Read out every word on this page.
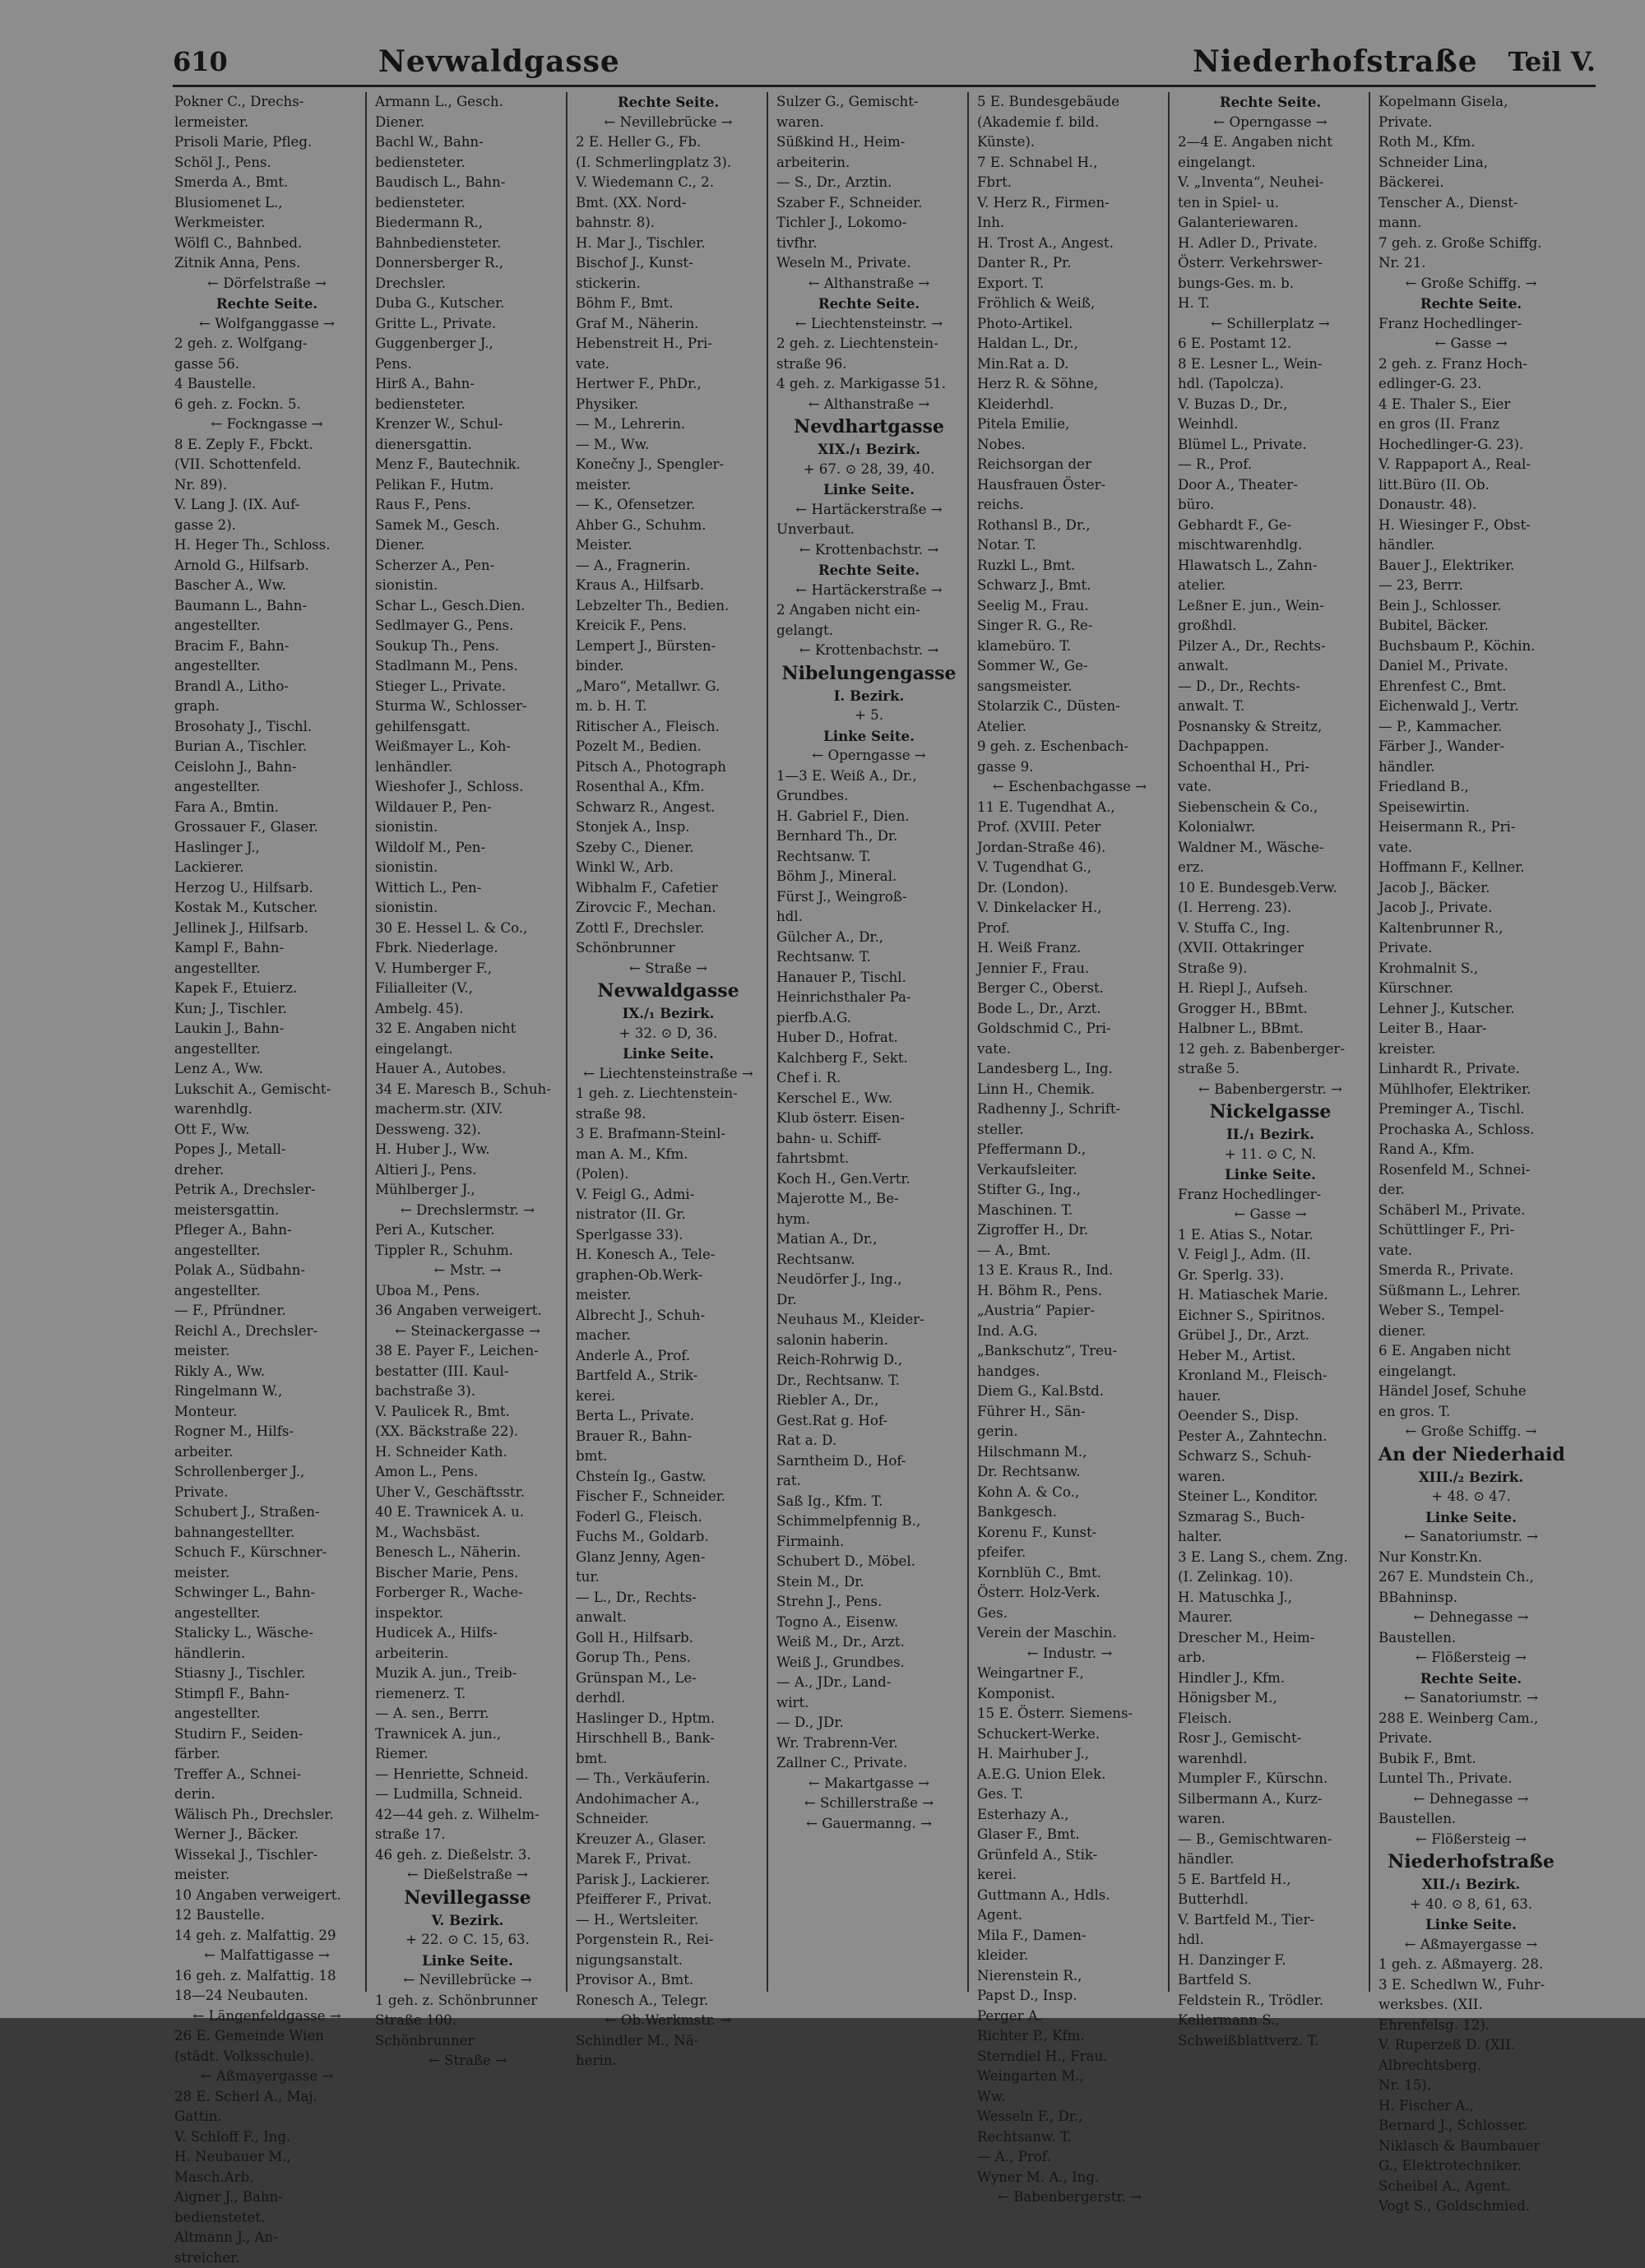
610	Nevwaldgasse	Niederhofstraße Teil V.
Pokner C., Drechs-
lermeister.
Prisoli Marie, Pfleg.
Schöl J., Pens.
Smerda A., Bmt.
Blusiomenet L.,
Werkmeister.
Wölfl C., Bahnbed.
Zitnik Anna, Pens.
← Dörfelstraße →
Rechte Seite.
← Wolfganggasse →
2 geh. z. Wolfgang-
gasse 56.
4 Baustelle.
6 geh. z. Fockn. 5.
← Fockngasse →
8 E. Zeply F., Fbckt.
(VII. Schottenfeld.
Nr. 89).
V. Lang J. (IX. Auf-
gasse 2).
H. Heger Th., Schloss.
Arnold G., Hilfsarb.
Bascher A., Ww.
Baumann L., Bahn-
angestellter.
Bracim F., Bahn-
angestellter.
Brandl A., Litho-
graph.
Brosohaty J., Tischl.
Burian A., Tischler.
Ceislohn J., Bahn-
angestellter.
Fara A., Bmtin.
Grossauer F., Glaser.
Haslinger J.,
Lackierer.
Herzog U., Hilfsarb.
Kostak M., Kutscher.
Jellinek J., Hilfsarb.
Kampl F., Bahn-
angestellter.
Kapek F., Etuierz.
Kun; J., Tischler.
Laukin J., Bahn-
angestellter.
Lenz A., Ww.
Lukschit A., Gemischt-
warenhdlg.
Ott F., Ww.
Popes J., Metall-
dreher.
Petrik A., Drechsler-
meistersgattin.
Pfleger A., Bahn-
angestellter.
Polak A., Südbahn-
angestellter.
— F., Pfründner.
Reichl A., Drechsler-
meister.
Rikly A., Ww.
Ringelmann W.,
Monteur.
Rogner M., Hilfs-
arbeiter.
Schrollenberger J.,
Private.
Schubert J., Straßen-
bahnangestellter.
Schuch F., Kürschner-
meister.
Schwinger L., Bahn-
angestellter.
Stalicky L., Wäsche-
händlerin.
Stiasny J., Tischler.
Stimpfl F., Bahn-
angestellter.
Studirn F., Seiden-
färber.
Treffer A., Schnei-
derin.
Wälisch Ph., Drechsler.
Werner J., Bäcker.
Wissekal J., Tischler-
meister.
10 Angaben verweigert.
12 Baustelle.
14 geh. z. Malfattig. 29
← Malfattigasse →
16 geh. z. Malfattig. 18
18—24 Neubauten.
← Längenfeldgasse →
26 E. Gemeinde Wien
(städt. Volksschule).
← Aßmayergasse →
28 E. Scherl A., Maj.
Gattin.
V. Schloff F., Ing.
H. Neubauer M.,
Masch.Arb.
Aigner J., Bahn-
bedienstetet.
Altmann J., An-
streicher.
Armann L., Gesch.
Diener.
Bachl W., Bahn-
bediensteter.
Baudisch L., Bahn-
bediensteter.
Biedermann R.,
Bahnbediensteter.
Donnersberger R.,
Drechsler.
Duba G., Kutscher.
Gritte L., Private.
Guggenberger J.,
Pens.
Hirß A., Bahn-
bediensteter.
Krenzer W., Schul-
dienersgattin.
Menz F., Bautechnik.
Pelikan F., Hutm.
Raus F., Pens.
Samek M., Gesch.
Diener.
Scherzer A., Pen-
sionistin.
Schar L., Gesch.Dien.
Sedlmayer G., Pens.
Soukup Th., Pens.
Stadlmann M., Pens.
Stieger L., Private.
Sturma W., Schlosser-
gehilfensgatt.
Weißmayer L., Koh-
lenhändler.
Wieshofer J., Schloss.
Wildauer P., Pen-
sionistin.
Wildolf M., Pen-
sionistin.
Wittich L., Pen-
sionistin.
30 E. Hessel L. & Co.,
Fbrk. Niederlage.
V. Humberger F.,
Filialleiter (V.,
Ambelg. 45).
32 E. Angaben nicht
eingelangt.
Hauer A., Autobes.
34 E. Maresch B., Schuh-
macherm.str. (XIV.
Dessweng. 32).
H. Huber J., Ww.
Altieri J., Pens.
Mühlberger J.,
← Drechslermstr. →
Peri A., Kutscher.
Tippler R., Schuhm.
← Mstr. →
Uboa M., Pens.
36 Angaben verweigert.
← Steinackergasse →
38 E. Payer F., Leichen-
bestatter (III. Kaul-
bachstraße 3).
V. Paulicek R., Bmt.
(XX. Bäckstraße 22).
H. Schneider Kath.
Amon L., Pens.
Uher V., Geschäftsstr.
40 E. Trawnicek A. u.
M., Wachsbäst.
Benesch L., Näherin.
Bischer Marie, Pens.
Forberger R., Wache-
inspektor.
Hudicek A., Hilfs-
arbeiterin.
Muzik A. jun., Treib-
riemenerz. T.
— A. sen., Berrr.
Trawnicek A. jun.,
Riemer.
— Henriette, Schneid.
— Ludmilla, Schneid.
42—44 geh. z. Wilhelm-
straße 17.
46 geh. z. Dießelstr. 3.
← Dießelstraße →
Nevillegasse
V. Bezirk.
+ 22. ⊙ C. 15, 63.
Linke Seite.
← Nevillebrücke →
1 geh. z. Schönbrunner
Straße 100.
Schönbrunner
← Straße →
Rechte Seite.
← Nevillebrücke →
2 E. Heller G., Fb.
(I. Schmerlingplatz 3).
V. Wiedemann C., 2.
Bmt. (XX. Nord-
bahnstr. 8).
H. Mar J., Tischler.
Bischof J., Kunst-
stickerin.
Böhm F., Bmt.
Graf M., Näherin.
Hebenstreit H., Pri-
vate.
Hertwer F., PhDr.,
Physiker.
— M., Lehrerin.
— M., Ww.
Konečny J., Spengler-
meister.
— K., Ofensetzer.
Ahber G., Schuhm.
Meister.
— A., Fragnerin.
Kraus A., Hilfsarb.
Lebzelter Th., Bedien.
Kreicik F., Pens.
Lempert J., Bürsten-
binder.
„Maro“, Metallwr. G.
m. b. H. T.
Ritischer A., Fleisch.
Pozelt M., Bedien.
Pitsch A., Photograph
Rosenthal A., Kfm.
Schwarz R., Angest.
Stonjek A., Insp.
Szeby C., Diener.
Winkl W., Arb.
Wibhalm F., Cafetier
Zirovcic F., Mechan.
Zottl F., Drechsler.
Schönbrunner
← Straße →
Nevwaldgasse
IX./₁ Bezirk.
+ 32. ⊙ D, 36.
Linke Seite.
← Liechtensteinstraße →
1 geh. z. Liechtenstein-
straße 98.
3 E. Brafmann-Steinl-
man A. M., Kfm.
(Polen).
V. Feigl G., Admi-
nistrator (II. Gr.
Sperlgasse 33).
H. Konesch A., Tele-
graphen-Ob.Werk-
meister.
Albrecht J., Schuh-
macher.
Anderle A., Prof.
Bartfeld A., Strik-
kerei.
Berta L., Private.
Brauer R., Bahn-
bmt.
Chsteín Ig., Gastw.
Fischer F., Schneider.
Foderl G., Fleisch.
Fuchs M., Goldarb.
Glanz Jenny, Agen-
tur.
— L., Dr., Rechts-
anwalt.
Goll H., Hilfsarb.
Gorup Th., Pens.
Grünspan M., Le-
derhdl.
Haslinger D., Hptm.
Hirschhell B., Bank-
bmt.
— Th., Verkäuferin.
Andohimacher A.,
Schneider.
Kreuzer A., Glaser.
Marek F., Privat.
Parisk J., Lackierer.
Pfeifferer F., Privat.
— H., Wertsleiter.
Porgenstein R., Rei-
nigungsanstalt.
Provisor A., Bmt.
Ronesch A., Telegr.
← Ob.Werkmstr. →
Schindler M., Nä-
herin.
Sulzer G., Gemischt-
waren.
Süßkind H., Heim-
arbeiterin.
— S., Dr., Arztin.
Szaber F., Schneider.
Tichler J., Lokomo-
tivfhr.
Weseln M., Private.
← Althanstraße →
Rechte Seite.
← Liechtensteinstr. →
2 geh. z. Liechtenstein-
straße 96.
4 geh. z. Markigasse 51.
← Althanstraße →
Nevdhartgasse
XIX./₁ Bezirk.
+ 67. ⊙ 28, 39, 40.
Linke Seite.
← Hartäckerstraße →
Unverbaut.
← Krottenbachstr. →
Rechte Seite.
← Hartäckerstraße →
2 Angaben nicht ein-
gelangt.
← Krottenbachstr. →
Nibelungengasse
I. Bezirk.
+ 5.
Linke Seite.
← Operngasse →
1—3 E. Weiß A., Dr.,
Grundbes.
H. Gabriel F., Dien.
Bernhard Th., Dr.
Rechtsanw. T.
Böhm J., Mineral.
Fürst J., Weingroß-
hdl.
Gülcher A., Dr.,
Rechtsanw. T.
Hanauer P., Tischl.
Heinrichsthaler Pa-
pierfb.A.G.
Huber D., Hofrat.
Kalchberg F., Sekt.
Chef i. R.
Kerschel E., Ww.
Klub österr. Eisen-
bahn- u. Schiff-
fahrtsbmt.
Koch H., Gen.Vertr.
Majerotte M., Be-
hym.
Matian A., Dr.,
Rechtsanw.
Neudörfer J., Ing.,
Dr.
Neuhaus M., Kleider-
salonin haberin.
Reich-Rohrwig D.,
Dr., Rechtsanw. T.
Riebler A., Dr.,
Gest.Rat g. Hof-
Rat a. D.
Sarntheim D., Hof-
rat.
Saß Ig., Kfm. T.
Schimmelpfennig B.,
Firmainh.
Schubert D., Möbel.
Stein M., Dr.
Strehn J., Pens.
Togno A., Eisenw.
Weiß M., Dr., Arzt.
Weiß J., Grundbes.
— A., JDr., Land-
wirt.
— D., JDr.
Wr. Trabrenn-Ver.
Zallner C., Private.
← Makartgasse →
← Schillerstraße →
← Gauermanng. →
5 E. Bundesgebäude
(Akademie f. bild.
Künste).
7 E. Schnabel H.,
Fbrt.
V. Herz R., Firmen-
Inh.
H. Trost A., Angest.
Danter R., Pr.
Export. T.
Fröhlich & Weiß,
Photo-Artikel.
Haldan L., Dr.,
Min.Rat a. D.
Herz R. & Söhne,
Kleiderhdl.
Pitela Emilie,
Nobes.
Reichsorgan der
Hausfrauen Öster-
reichs.
Rothansl B., Dr.,
Notar. T.
Ruzkl L., Bmt.
Schwarz J., Bmt.
Seelig M., Frau.
Singer R. G., Re-
klamebüro. T.
Sommer W., Ge-
sangsmeister.
Stolarzik C., Düsten-
Atelier.
9 geh. z. Eschenbach-
gasse 9.
← Eschenbachgasse →
11 E. Tugendhat A.,
Prof. (XVIII. Peter
Jordan-Straße 46).
V. Tugendhat G.,
Dr. (London).
V. Dinkelacker H.,
Prof.
H. Weiß Franz.
Jennier F., Frau.
Berger C., Oberst.
Bode L., Dr., Arzt.
Goldschmid C., Pri-
vate.
Landesberg L., Ing.
Linn H., Chemik.
Radhenny J., Schrift-
steller.
Pfeffermann D.,
Verkaufsleiter.
Stifter G., Ing.,
Maschinen. T.
Zigroffer H., Dr.
— A., Bmt.
13 E. Kraus R., Ind.
H. Böhm R., Pens.
„Austria“ Papier-
Ind. A.G.
„Bankschutz“, Treu-
handges.
Diem G., Kal.Bstd.
Führer H., Sän-
gerin.
Hilschmann M.,
Dr. Rechtsanw.
Kohn A. & Co.,
Bankgesch.
Korenu F., Kunst-
pfeifer.
Kornblüh C., Bmt.
Österr. Holz-Verk.
Ges.
Verein der Maschin.
← Industr. →
Weingartner F.,
Komponist.
15 E. Österr. Siemens-
Schuckert-Werke.
H. Mairhuber J.,
A.E.G. Union Elek.
Ges. T.
Esterhazy A.,
Glaser F., Bmt.
Grünfeld A., Stik-
kerei.
Guttmann A., Hdls.
Agent.
Mila F., Damen-
kleider.
Nierenstein R.,
Papst D., Insp.
Perger A.
Richter P., Kfm.
Sterndiel H., Frau.
Weingarten M.,
Ww.
Wesseln F., Dr.,
Rechtsanw. T.
— A., Prof.
Wyner M. A., Ing.
← Babenbergerstr. →
Rechte Seite.
← Operngasse →
2—4 E. Angaben nicht
eingelangt.
V. „Inventa“, Neuhei-
ten in Spiel- u.
Galanteriewaren.
H. Adler D., Private.
Österr. Verkehrswer-
bungs-Ges. m. b.
H. T.
← Schillerplatz →
6 E. Postamt 12.
8 E. Lesner L., Wein-
hdl. (Tapolcza).
V. Buzas D., Dr.,
Weinhdl.
Blümel L., Private.
— R., Prof.
Door A., Theater-
büro.
Gebhardt F., Ge-
mischtwarenhdlg.
Hlawatsch L., Zahn-
atelier.
Leßner E. jun., Wein-
großhdl.
Pilzer A., Dr., Rechts-
anwalt.
— D., Dr., Rechts-
anwalt. T.
Posnansky & Streitz,
Dachpappen.
Schoenthal H., Pri-
vate.
Siebenschein & Co.,
Kolonialwr.
Waldner M., Wäsche-
erz.
10 E. Bundesgeb.Verw.
(I. Herreng. 23).
V. Stuffa C., Ing.
(XVII. Ottakringer
Straße 9).
H. Riepl J., Aufseh.
Grogger H., BBmt.
Halbner L., BBmt.
12 geh. z. Babenberger-
straße 5.
← Babenbergerstr. →
Nickelgasse
II./₁ Bezirk.
+ 11. ⊙ C, N.
Linke Seite.
Franz Hochedlinger-
← Gasse →
1 E. Atias S., Notar.
V. Feigl J., Adm. (II.
Gr. Sperlg. 33).
H. Matiaschek Marie.
Eichner S., Spiritnos.
Grübel J., Dr., Arzt.
Heber M., Artist.
Kronland M., Fleisch-
hauer.
Oeender S., Disp.
Pester A., Zahntechn.
Schwarz S., Schuh-
waren.
Steiner L., Konditor.
Szmarag S., Buch-
halter.
3 E. Lang S., chem. Zng.
(I. Zelinkag. 10).
H. Matuschka J.,
Maurer.
Drescher M., Heim-
arb.
Hindler J., Kfm.
Hönigsber M.,
Fleisch.
Rosr J., Gemischt-
warenhdl.
Mumpler F., Kürschn.
Silbermann A., Kurz-
waren.
— B., Gemischtwaren-
händler.
5 E. Bartfeld H.,
Butterhdl.
V. Bartfeld M., Tier-
hdl.
H. Danzinger F.
Bartfeld S.
Feldstein R., Trödler.
Kellermann S.,
Schweißblattverz. T.
Kopelmann Gisela,
Private.
Roth M., Kfm.
Schneider Lina,
Bäckerei.
Tenscher A., Dienst-
mann.
7 geh. z. Große Schiffg.
Nr. 21.
← Große Schiffg. →
Rechte Seite.
Franz Hochedlinger-
← Gasse →
2 geh. z. Franz Hoch-
edlinger-G. 23.
4 E. Thaler S., Eier
en gros (II. Franz
Hochedlinger-G. 23).
V. Rappaport A., Real-
litt.Büro (II. Ob.
Donaustr. 48).
H. Wiesinger F., Obst-
händler.
Bauer J., Elektriker.
— 23, Berrr.
Bein J., Schlosser.
Bubitel, Bäcker.
Buchsbaum P., Köchin.
Daniel M., Private.
Ehrenfest C., Bmt.
Eichenwald J., Vertr.
— P., Kammacher.
Färber J., Wander-
händler.
Friedland B.,
Speisewirtin.
Heisermann R., Pri-
vate.
Hoffmann F., Kellner.
Jacob J., Bäcker.
Jacob J., Private.
Kaltenbrunner R.,
Private.
Krohmalnit S.,
Kürschner.
Lehner J., Kutscher.
Leiter B., Haar-
kreister.
Linhardt R., Private.
Mühlhofer, Elektriker.
Preminger A., Tischl.
Prochaska A., Schloss.
Rand A., Kfm.
Rosenfeld M., Schnei-
der.
Schäberl M., Private.
Schüttlinger F., Pri-
vate.
Smerda R., Private.
Süßmann L., Lehrer.
Weber S., Tempel-
diener.
6 E. Angaben nicht
eingelangt.
Händel Josef, Schuhe
en gros. T.
← Große Schiffg. →
An der Niederhaid
XIII./₂ Bezirk.
+ 48. ⊙ 47.
Linke Seite.
← Sanatoriumstr. →
Nur Konstr.Kn.
267 E. Mundstein Ch.,
BBahninsp.
← Dehnegasse →
Baustellen.
← Flößersteig →
Rechte Seite.
← Sanatoriumstr. →
288 E. Weinberg Cam.,
Private.
Bubik F., Bmt.
Luntel Th., Private.
← Dehnegasse →
Baustellen.
← Flößersteig →
Niederhofstraße
XII./₁ Bezirk.
+ 40. ⊙ 8, 61, 63.
Linke Seite.
← Aßmayergasse →
1 geh. z. Aßmayerg. 28.
3 E. Schedlwn W., Fuhr-
werksbes. (XII.
Ehrenfelsg. 12).
V. Ruperzeß D. (XII.
Albrechtsberg.
Nr. 15).
H. Fischer A.,
Bernard J., Schlosser.
Niklasch & Baumbauer
G., Elektrotechniker.
Scheibel A., Agent.
Vogt S., Goldschmied.
